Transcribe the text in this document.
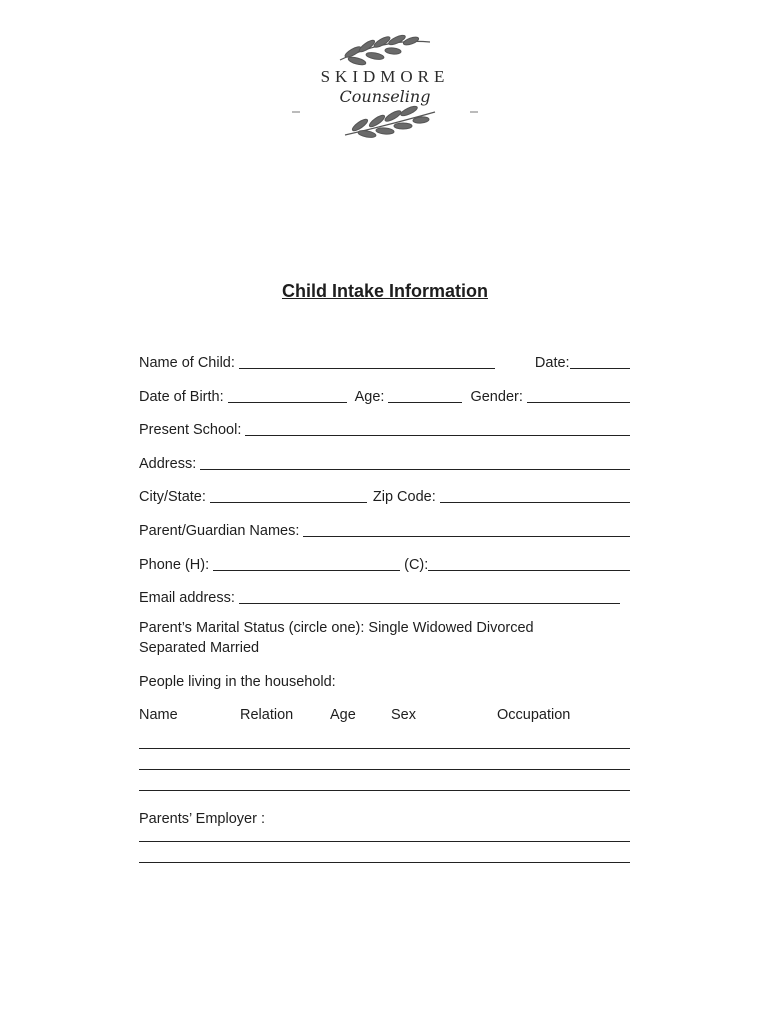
SKIDMORE
Counseling
Child Intake Information
Name of Child:	Date:
Date of Birth:	Age:	Gender:
Present School:
Address:
City/State:	Zip Code:
Parent/Guardian Names:
Phone (H):	(C):
Email address:
Parent’s Marital Status (circle one): Single Widowed Divorced
Separated Married
People living in the household:
Name	Relation	Age	Sex	Occupation
Parents’ Employer :
